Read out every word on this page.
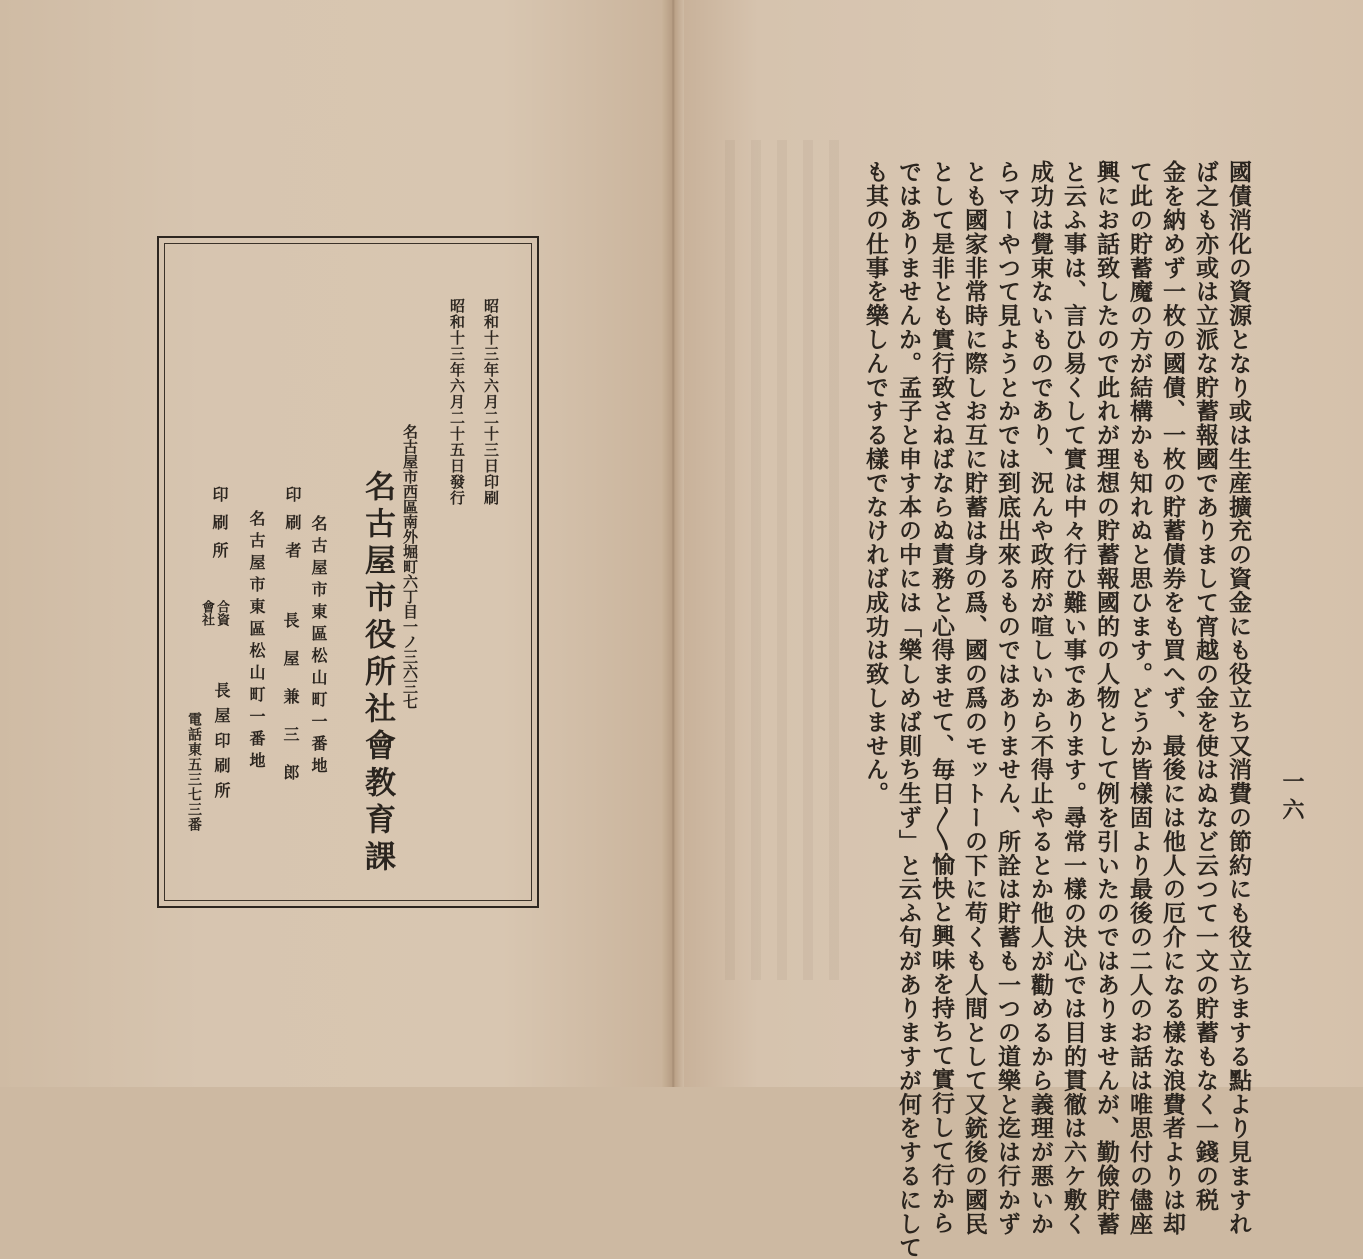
昭和十三年六月二十三日印刷
昭和十三年六月二十五日發行
名古屋市西區南外堀町六丁目一ノ三六三七
名古屋市役所社會教育課
名古屋市東區松山町一番地
印刷者
長屋兼三郎
名古屋市東區松山町一番地
印刷所
合資會社
長屋印刷所
電話東五三七三番	國債消化の資源となり或は生産擴充の資金にも役立ち又消費の節約にも役立ちまする點より見ますれ
ば之も亦或は立派な貯蓄報國でありまして宵越の金を使はぬなど云つて一文の貯蓄もなく一錢の税
金を納めず一枚の國債、一枚の貯蓄債券をも買へず、最後には他人の厄介になる樣な浪費者よりは却
て此の貯蓄魔の方が結構かも知れぬと思ひます。どうか皆樣固より最後の二人のお話は唯思付の儘座
興にお話致したので此れが理想の貯蓄報國的の人物として例を引いたのではありませんが、勤儉貯蓄
と云ふ事は、言ひ易くして實は中々行ひ難い事であります。尋常一樣の決心では目的貫徹は六ケ敷く
成功は覺束ないものであり、況んや政府が喧しいから不得止やるとか他人が勸めるから義理が悪いか
らマーやつて見ようとかでは到底出來るものではありません、所詮は貯蓄も一つの道樂と迄は行かず
とも國家非常時に際しお互に貯蓄は身の爲、國の爲のモットーの下に苟くも人間として又銃後の國民
として是非とも實行致さねばならぬ責務と心得ませて、毎日〳〵愉快と興味を持ちて實行して行から
ではありませんか。孟子と申す本の中には「樂しめば則ち生ず」と云ふ句がありますが何をするにして
も其の仕事を樂しんでする樣でなければ成功は致しません。	一六
